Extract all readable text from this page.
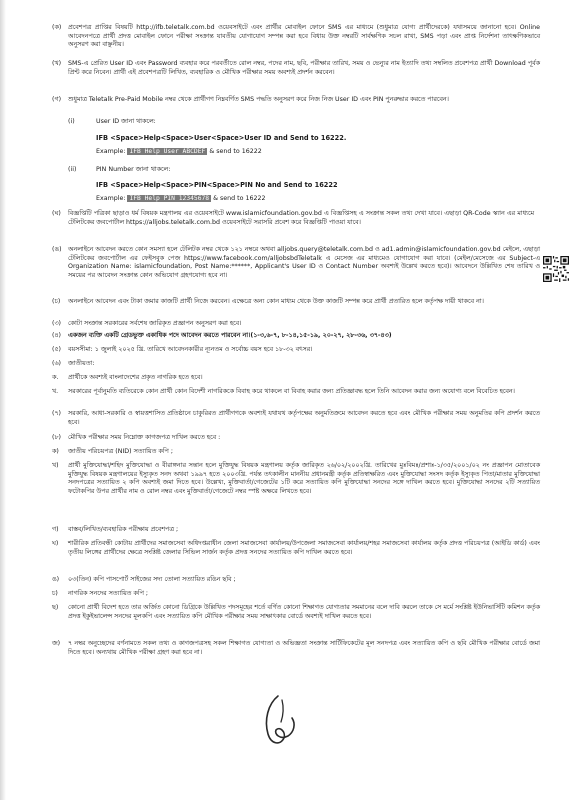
(ক)	প্রবেশপত্র প্রাপ্তির বিষয়টি http://ifb.teletalk.com.bd ওয়েবসাইটে এবং প্রার্থীর মোবাইল ফোনে SMS এর মাধ্যমে (শুধুমাত্র যোগ্য প্রার্থীদেরকে) যথাসময়ে জানানো হবে। Online আবেদনপত্রে প্রার্থী প্রদত্ত মোবাইল ফোনে পরীক্ষা সংক্রান্ত যাবতীয় যোগাযোগ সম্পন্ন করা হবে বিধায় উক্ত নম্বরটি সার্বক্ষণিক সচল রাখা, SMS পড়া এবং প্রাপ্ত নির্দেশনা তাৎক্ষণিকভাবে অনুসরণ করা বাঞ্ছনীয়।
(খ)	SMS-এ প্রেরিত User ID এবং Password ব্যবহার করে পরবর্তীতে রোল নম্বর, পদের নাম, ছবি, পরীক্ষার তারিখ, সময় ও ভেন্যুর নাম ইত্যাদি তথ্য সম্বলিত প্রবেশপত্র প্রার্থী Download পূর্বক প্রিন্ট করে নিবেন। প্রার্থী এই প্রবেশপত্রটি লিখিত, ব্যবহারিক ও মৌখিক পরীক্ষার সময় অবশ্যই প্রদর্শন করবেন।
(গ)	শুধুমাত্র Teletalk Pre-Paid Mobile নম্বর থেকে প্রার্থীগণ নিম্নবর্ণিত SMS পদ্ধতি অনুসরণ করে নিজ নিজ User ID এবং PIN পুনরুদ্ধার করতে পারবেন।
(i)	User ID জানা থাকলে:
IFB <Space>Help<Space>User<Space>User ID and Send to 16222.
Example: IFB Help User ABCDEF & send to 16222
(ii)	PIN Number জানা থাকলে:
IFB <Space>Help<Space>PIN<Space>PIN No and Send to 16222
Example: IFB Help PIN 12345678 & send to 16222
(ঘ)	বিজ্ঞপ্তিটি পত্রিকা ছাড়াও ধর্ম বিষয়ক মন্ত্রণালয় এর ওয়েবসাইটে www.islamicfoundation.gov.bd এ বিজ্ঞপ্তিসহ এ সংক্রান্ত সকল তথ্য দেখা যাবে। এছাড়া QR-Code স্ক্যান এর মাধ্যমে টেলিটকের জবপোর্টাল https://alljobs.teletalk.com.bd ওয়েবসাইটে সরাসরি প্রবেশ করে বিজ্ঞপ্তিটি পাওয়া যাবে।
(ঙ)	অনলাইনে আবেদন করতে কোন সমস্যা হলে টেলিটক নম্বর থেকে ১২১ নম্বরে অথবা alljobs.query@teletalk.com.bd ও ad1.admin@islamicfoundation.gov.bd মেইলে, এছাড়া টেলিটকের জবপোর্টাল এর ফেইসবুক পেজ https://www.facebook.com/alljobsbdTeletalk এ মেসেজ এর মাধ্যমেও যোগাযোগ করা যাবে। (মেইল/মেসেজে এর Subject-এ Organization Name: islamicfoundation, Post Name:******, Applicant's User ID ও Contact Number অবশ্যই উল্লেখ করতে হবে)। আবেদনে উল্লিখিত শেষ তারিখ ও সময়ের পর আবেদন সংক্রান্ত কোন অভিযোগ গ্রহণযোগ্য হবে না।
(চ)	অনলাইনে আবেদন এবং টাকা জমার কাজটি প্রার্থী নিজে করবেন। এক্ষেত্রে অন্য কোন মাধ্যম থেকে উক্ত কাজটি সম্পন্ন করে প্রার্থী প্রতারিত হলে কর্তৃপক্ষ দায়ী থাকবে না।
(৩)	কোটা সংক্রান্ত সরকারের সর্বশেষ জারিকৃত প্রজ্ঞাপন অনুসরণ করা হবে।
(৪)	একজন ব্যক্তি একটি গ্রেডভুক্ত একাধিক পদে আবেদন করতে পারবেন না।(১-৩,৬-৭, ৮-১৪,১৫-১৯, ২০-২৭, ২৮-৩৬, ৩৭-৪৩)
(৫)	বয়সসীমা: ১ জুলাই ২০২৫ খ্রি. তারিখে আবেদনকারীর ন্যূনতম ও সর্বোচ্চ বয়স হবে ১৮-৩২ বৎসর।
(৬)	জাতীয়তা:
ক.	প্রার্থীকে অবশ্যই বাংলাদেশের প্রকৃত নাগরিক হতে হবে।
খ.	সরকারের পূর্বানুমতি ব্যতিরেকে কোন প্রার্থী কোন বিদেশী নাগরিককে বিবাহ করে থাকলে বা বিবাহ করার জন্য প্রতিজ্ঞাবদ্ধ হলে তিনি আবেদন করার জন্য অযোগ্য বলে বিবেচিত হবেন।
(৭)	সরকারি, আধা-সরকারি ও স্বায়ত্তশাসিত প্রতিষ্ঠানে চাকুরিরত প্রার্থীগণকে অবশ্যই যথাযথ কর্তৃপক্ষের অনুমতিক্রমে আবেদন করতে হবে এবং মৌখিক পরীক্ষার সময় অনুমতির কপি প্রদর্শন করতে হবে।
(৮)	মৌখিক পরীক্ষার সময় নিম্নোক্ত কাগজপত্র দাখিল করতে হবে :
ক)	জাতীয় পরিচয়পত্র (NID) সত্যায়িত কপি ;
খ)	প্রার্থী মুক্তিযোদ্ধা/শহিদ মুক্তিযোদ্ধা ও বীরাঙ্গনার সন্তান হলে মুক্তিযুদ্ধ বিষয়ক মন্ত্রণালয় কর্তৃক জারিকৃত ২৬/০২/২০০২খ্রি. তারিখের মুঃবিমঃ/প্রশাঃ-১/৩৫/২০০১/০২ নং প্রজ্ঞাপন মোতাবেক মুক্তিযুদ্ধ বিষয়ক মন্ত্রণালয়ের ইস্যুকৃত সনদ অথবা ১৯৯৭ হতে ২০০৩খ্রি. পর্যন্ত তৎকালীন মাননীয় প্রধানমন্ত্রী কর্তৃক প্রতিস্বাক্ষরিত এবং মুক্তিযোদ্ধা সংসদ কর্তৃক ইস্যুকৃত পিতা/মাতার মুক্তিযোদ্ধা সনদপত্রের সত্যায়িত ২ কপি অবশ্যই জমা দিতে হবে। উল্লেখ্য, মুক্তিবার্তা/গেজেটের ১টি করে সত্যায়িত কপি মুক্তিযোদ্ধা সনদের সঙ্গে দাখিল করতে হবে। মুক্তিযোদ্ধা সনদের ২টি সত্যায়িত ফটোকপির উপর প্রার্থীর নাম ও রোল নম্বর এবং মুক্তিবার্তা/গেজেটে নম্বর স্পষ্ট অক্ষরে লিখতে হবে।
গ)	বাস্তব/লিখিত/ব্যবহারিক পরীক্ষায় প্রবেশপত্র ;
ঘ)	শারীরিক প্রতিবন্ধী কোটায় প্রার্থীদের সমাজসেবা অধিদপ্তরাধীন জেলা সমাজসেবা কার্যালয়/উপজেলা সমাজসেবা কার্যালয়/শহর সমাজসেবা কার্যালয় কর্তৃক প্রদত্ত পরিচয়পত্র (আইডি কার্ড) এবং তৃতীয় লিঙ্গের প্রার্থীদের ক্ষেত্রে সংশ্লিষ্ট জেলার সিভিল সার্জন কর্তৃক প্রদত্ত সনদের সত্যায়িত কপি দাখিল করতে হবে।
ঙ)	০৩(তিন) কপি পাসপোর্ট সাইজের সদ্য তোলা সত্যায়িত রঙিন ছবি ;
চ)	নাগরিক সনদের সত্যায়িত কপি ;
ছ)	কোনো প্রার্থী বিদেশ হতে তার অর্জিত কোনো ডিগ্রিকে উল্লিখিত পদসমূহের শর্তে বর্ণিত কোনো শিক্ষাগত যোগ্যতার সমমানের বলে দাবি করলে তাকে সে মর্মে সংশ্লিষ্ট ইউনিভার্সিটি কমিশন কর্তৃক প্রদত্ত ইকুইভালেন্স সনদের মূলকপি এবং সত্যায়িত কপি মৌখিক পরীক্ষার সময় সাক্ষাৎকার বোর্ডে অবশ্যই দাখিল করতে হবে।
জ)	৭ নম্বর অনুচ্ছেদের বর্ণনামতে সকল তথ্য ও কাগজপত্রসহ সকল শিক্ষাগত যোগ্যতা ও অভিজ্ঞতা সংক্রান্ত সার্টিফিকেটের মূল সনদপত্র এবং সত্যায়িত কপি ও ছবি মৌখিক পরীক্ষার বোর্ডে জমা দিতে হবে। অন্যথায় মৌখিক পরীক্ষা গ্রহণ করা হবে না।
